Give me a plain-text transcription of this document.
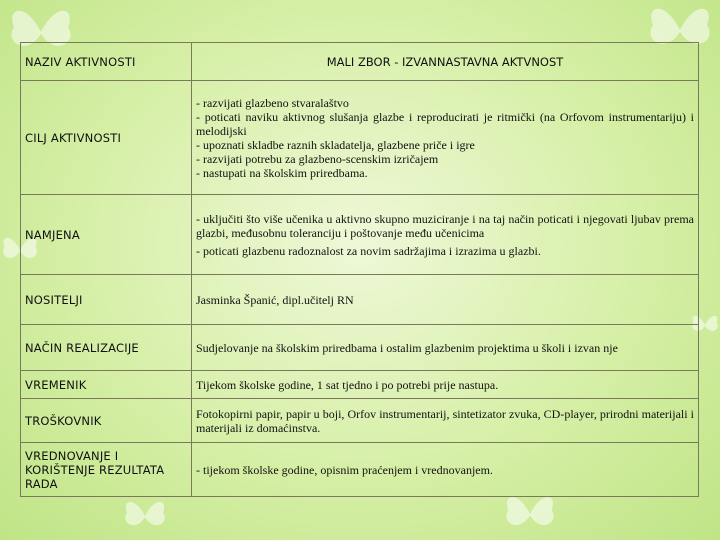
NAZIV AKTIVNOSTI	MALI ZBOR - IZVANNASTAVNA AKTVNOST
CILJ AKTIVNOSTI	- razvijati glazbeno stvaralaštvo
- poticati naviku aktivnog slušanja glazbe i reproducirati je ritmički (na Orfovom instrumentariju) i melodijski
- upoznati skladbe raznih skladatelja, glazbene priče i igre
- razvijati potrebu za glazbeno-scenskim izričajem
- nastupati na školskim priredbama.

NAMJENA	- uključiti što više učenika u aktivno skupno muziciranje i na taj način poticati i njegovati ljubav prema glazbi, međusobnu toleranciju i poštovanje među učenicima
- poticati glazbenu radoznalost za novim sadržajima i izrazima u glazbi.

NOSITELJI	Jasminka Španić, dipl.učitelj RN

NAČIN REALIZACIJE	Sudjelovanje na školskim priredbama i ostalim glazbenim projektima u školi i izvan nje

VREMENIK	Tijekom školske godine, 1 sat tjedno i po potrebi prije nastupa.

TROŠKOVNIK	Fotokopirni papir, papir u boji, Orfov instrumentarij, sintetizator zvuka, CD-player, prirodni materijali i materijali iz domaćinstva.

VREDNOVANJE I KORIŠTENJE REZULTATA RADA	- tijekom školske godine, opisnim praćenjem i vrednovanjem.
